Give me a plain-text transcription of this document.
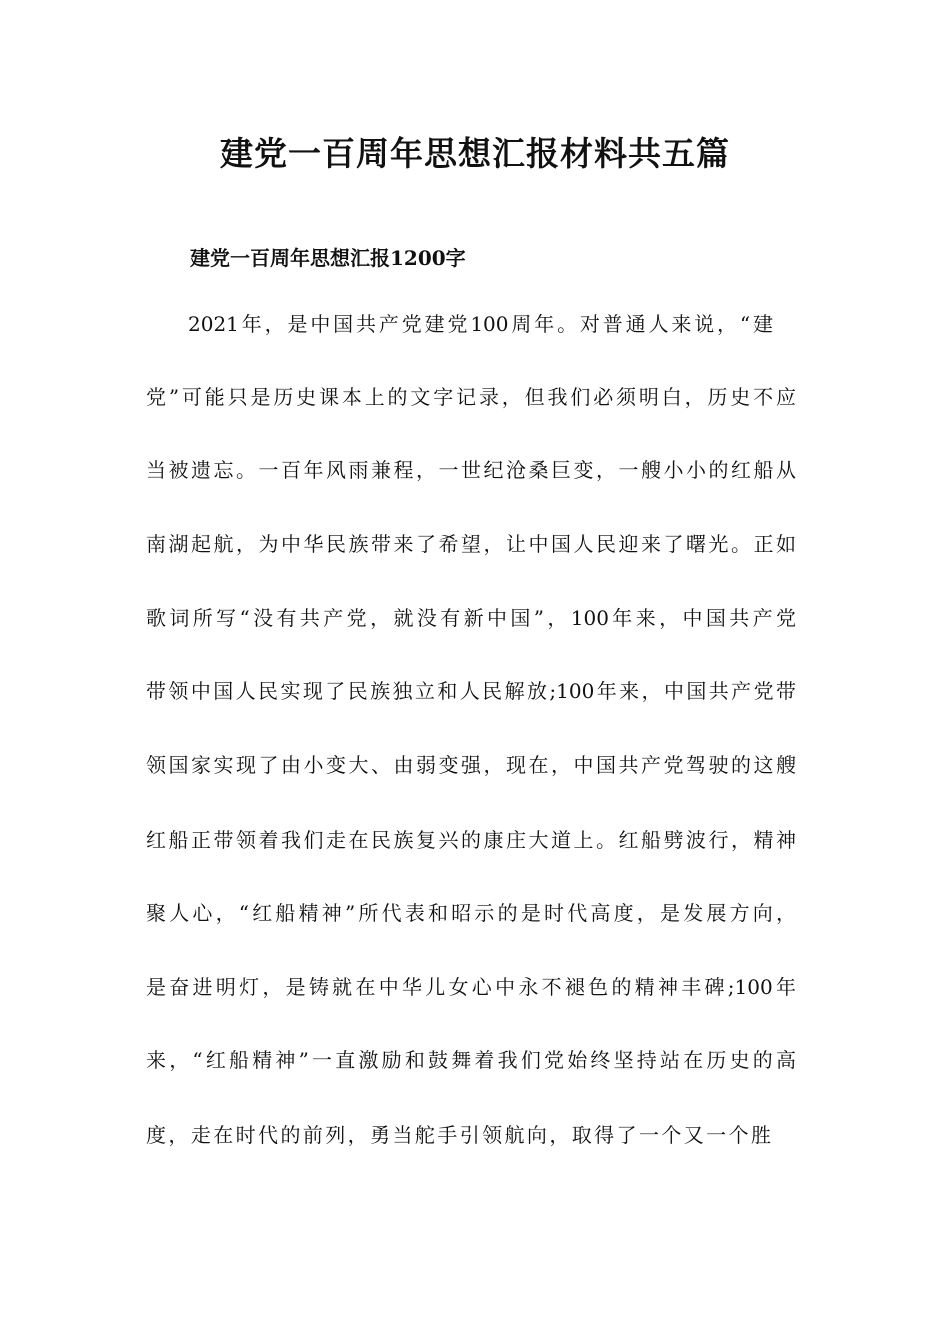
建党一百周年思想汇报材料共五篇
建党一百周年思想汇报1200字
2021年，是中国共产党建党100周年。对普通人来说，“建
党”可能只是历史课本上的文字记录，但我们必须明白，历史不应
当被遗忘。一百年风雨兼程，一世纪沧桑巨变，一艘小小的红船从
南湖起航，为中华民族带来了希望，让中国人民迎来了曙光。正如
歌词所写“没有共产党，就没有新中国”，100年来，中国共产党
带领中国人民实现了民族独立和人民解放;100年来，中国共产党带
领国家实现了由小变大、由弱变强，现在，中国共产党驾驶的这艘
红船正带领着我们走在民族复兴的康庄大道上。红船劈波行，精神
聚人心，“红船精神”所代表和昭示的是时代高度，是发展方向，
是奋进明灯，是铸就在中华儿女心中永不褪色的精神丰碑;100年
来，“红船精神”一直激励和鼓舞着我们党始终坚持站在历史的高
度，走在时代的前列，勇当舵手引领航向，取得了一个又一个胜
